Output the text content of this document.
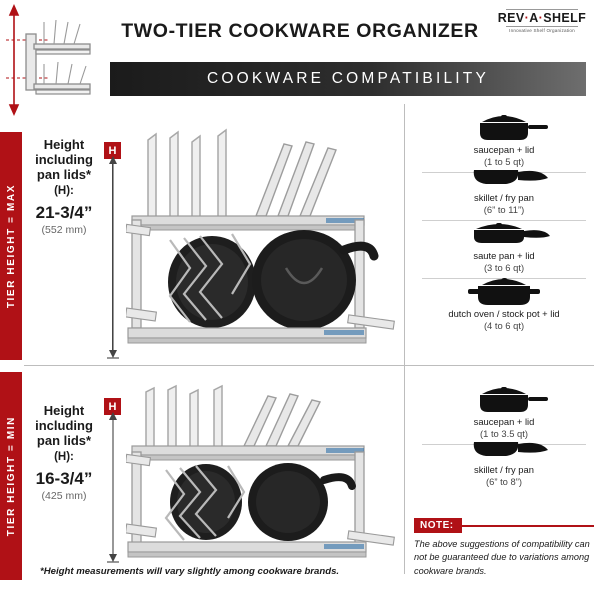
TWO-TIER COOKWARE ORGANIZER
REV·A·SHELF
Innovative Shelf Organization
COOKWARE COMPATIBILITY
TIER HEIGHT = MAX
TIER HEIGHT = MIN
Height
including
pan lids*
(H):
21-3/4”
(552 mm)
H	saucepan + lid
(1 to 5 qt)
skillet / fry pan
(6” to 11”)
saute pan + lid
(3 to 6 qt)
dutch oven / stock pot + lid
(4 to 6 qt)
Height
including
pan lids*
(H):
16-3/4”
(425 mm)
H
saucepan + lid
(1 to 3.5 qt)
skillet / fry pan
(6” to 8”)
NOTE:
The above suggestions of compatibility can not be guaranteed due to variations among cookware brands.
*Height measurements will vary slightly among cookware brands.
